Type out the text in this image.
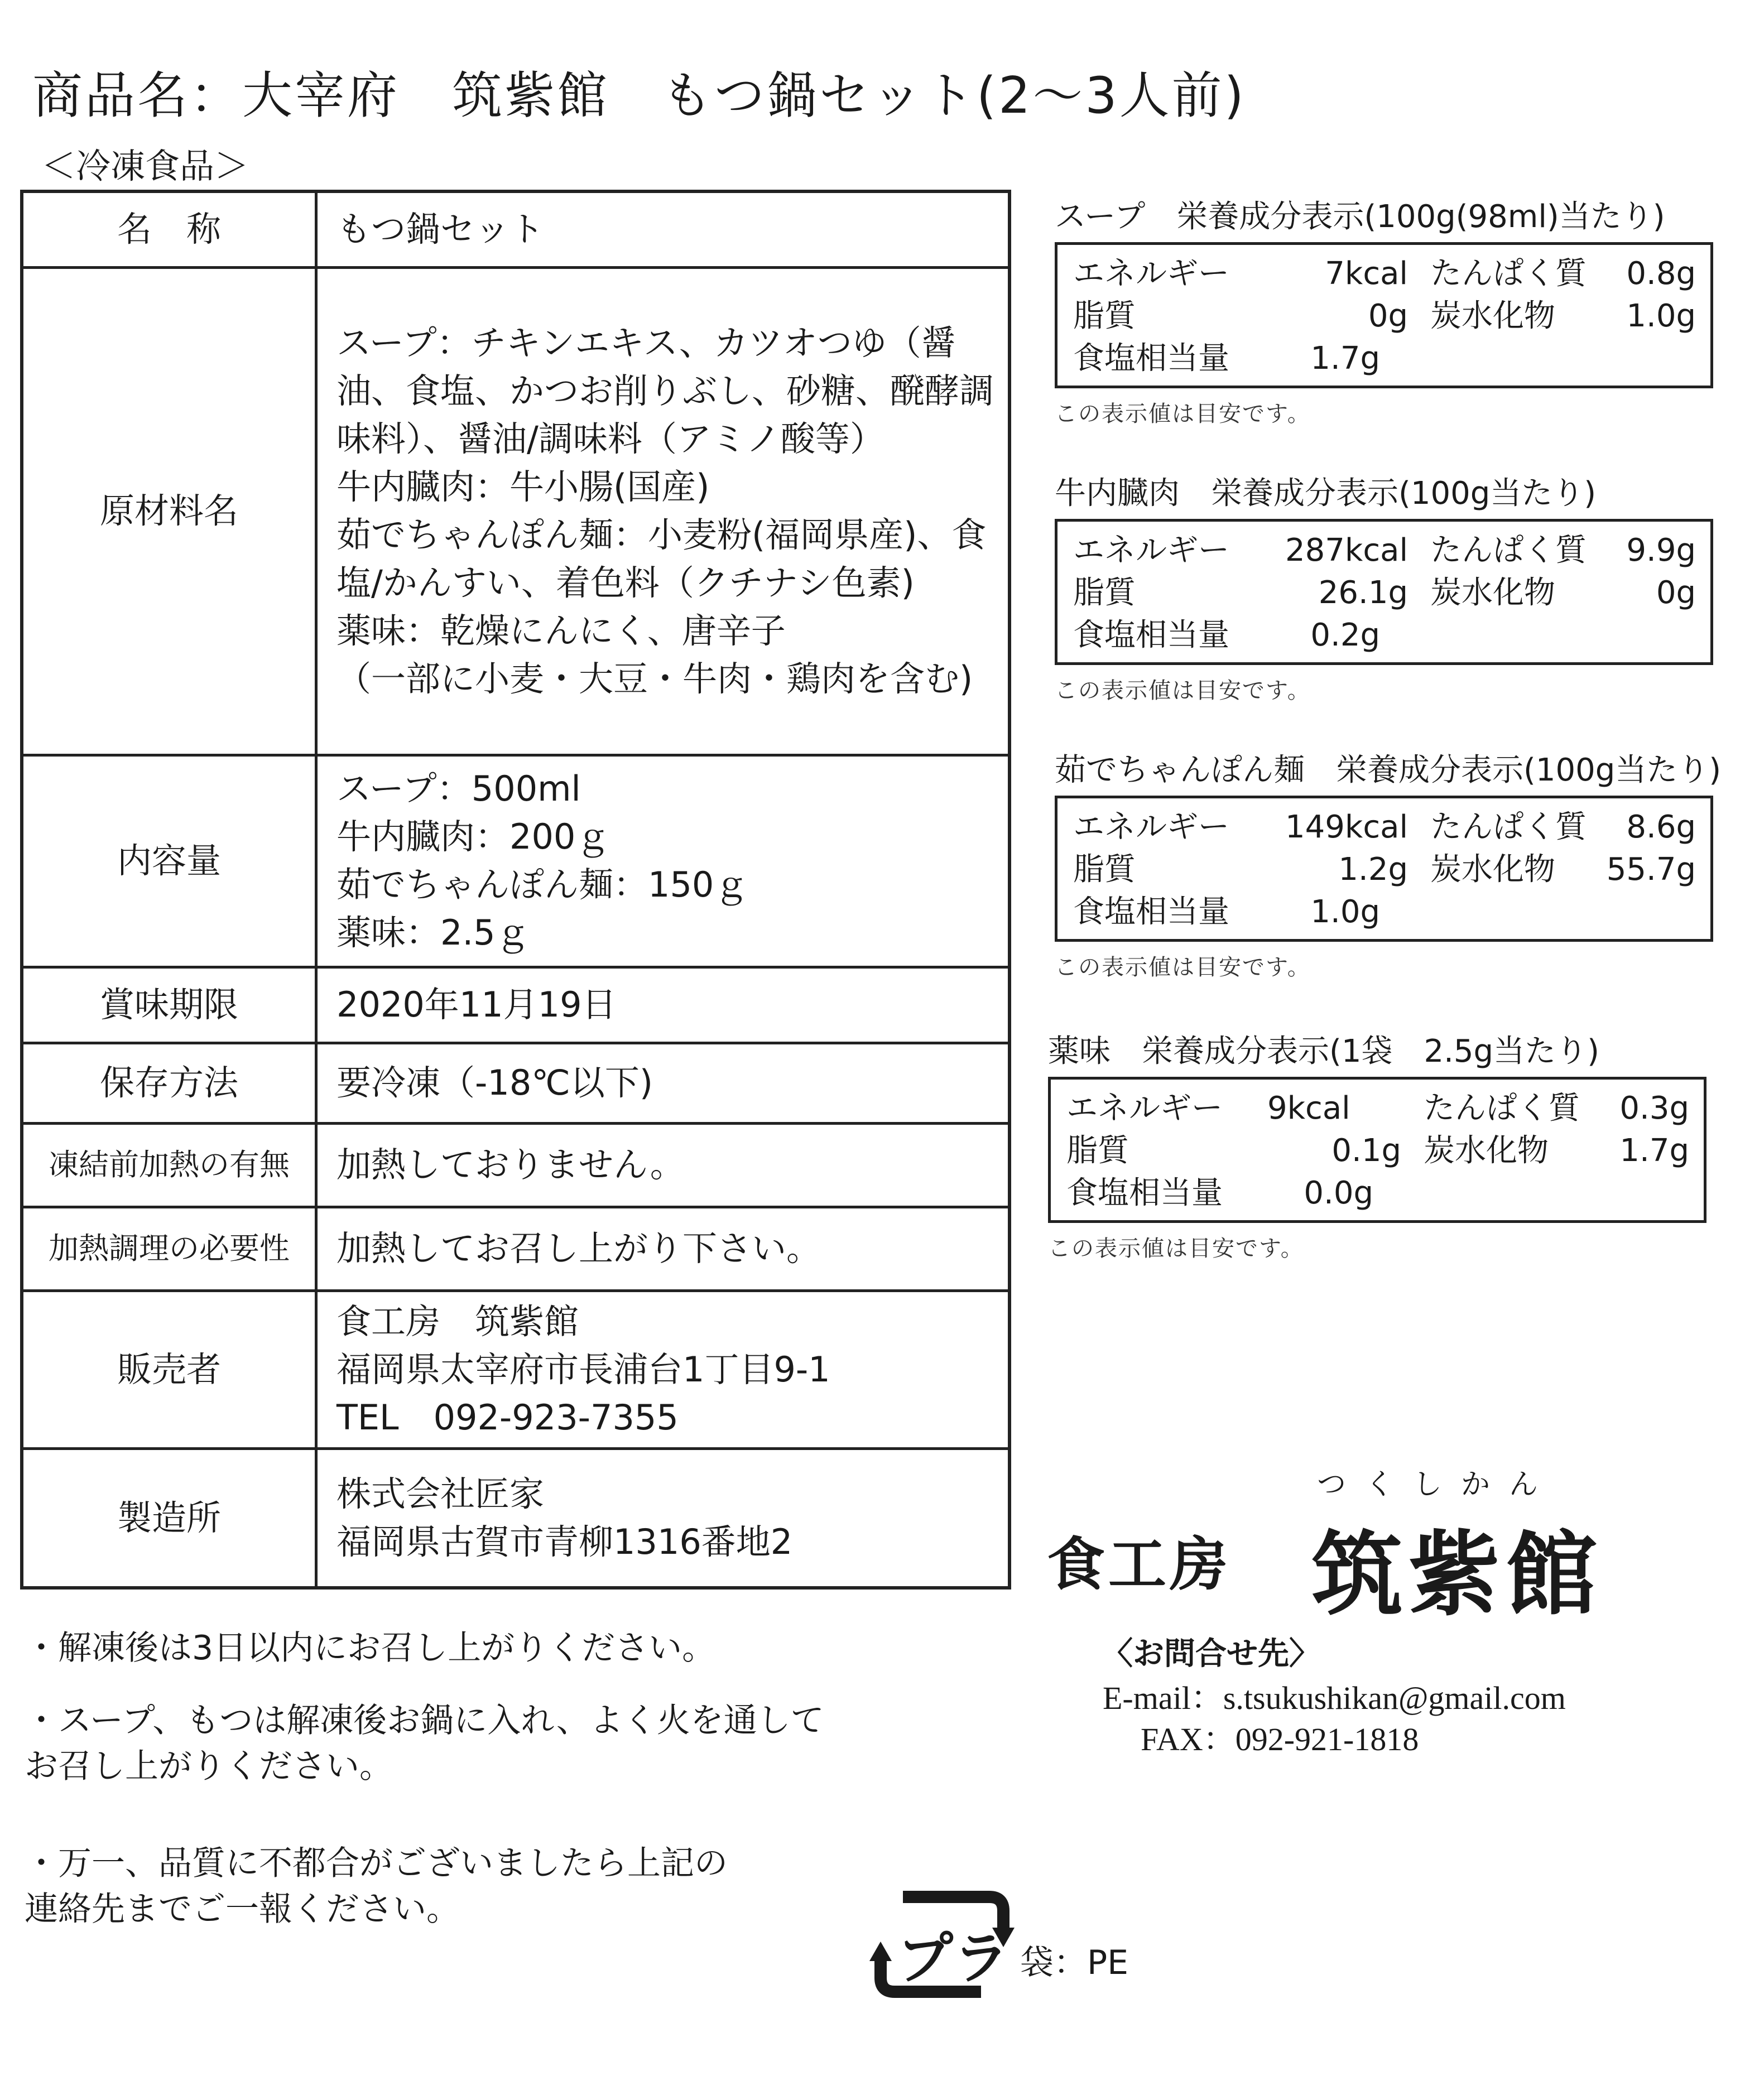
商品名：大宰府　筑紫館　もつ鍋セット(2～3人前)
＜冷凍食品＞
名　称	もつ鍋セット

原材料名	スープ：チキンエキス、カツオつゆ（醤油、食塩、かつお削りぶし、砂糖、醗酵調味料）、醤油/調味料（アミノ酸等）
牛内臓肉：牛小腸(国産)
茹でちゃんぽん麺：小麦粉(福岡県産)、食塩/かんすい、着色料（クチナシ色素)
薬味：乾燥にんにく、唐辛子
（一部に小麦・大豆・牛肉・鶏肉を含む)

内容量	スープ：500ml
牛内臓肉：200ｇ
茹でちゃんぽん麺：150ｇ
薬味：2.5ｇ

賞味期限	2020年11月19日

保存方法	要冷凍（-18℃以下)

凍結前加熱の有無	加熱しておりません。

加熱調理の必要性	加熱してお召し上がり下さい。

販売者	食工房　筑紫館
福岡県太宰府市長浦台1丁目9-1
TEL　092-923-7355

製造所	株式会社匠家
福岡県古賀市青柳1316番地2
スープ　栄養成分表示(100g(98ml)当たり)
エネルギー	7kcal たんぱく質 0.8g
脂質	0g 炭水化物 1.0g
食塩相当量	1.7g
この表示値は目安です。
牛内臓肉　栄養成分表示(100g当たり)
エネルギー	287kcal たんぱく質 9.9g
脂質	26.1g 炭水化物	0g
食塩相当量	0.2g
この表示値は目安です。
茹でちゃんぽん麺　栄養成分表示(100g当たり)
エネルギー	149kcal たんぱく質 8.6g
脂質	1.2g 炭水化物 55.7g
食塩相当量	1.0g
この表示値は目安です。
薬味　栄養成分表示(1袋　2.5g当たり)
エネルギー 9kcal たんぱく質 0.3g
脂質	0.1g 炭水化物 1.7g
食塩相当量	0.0g
この表示値は目安です。
つくしかん
食工房 筑紫館
〈お問合せ先〉
E-mail：s.tsukushikan@gmail.com
FAX：092-921-1818
・解凍後は3日以内にお召し上がりください。
・スープ、もつは解凍後お鍋に入れ、よく火を通して
お召し上がりください。
・万一、品質に不都合がございましたら上記の
連絡先までご一報ください。
プラ 袋：PE
